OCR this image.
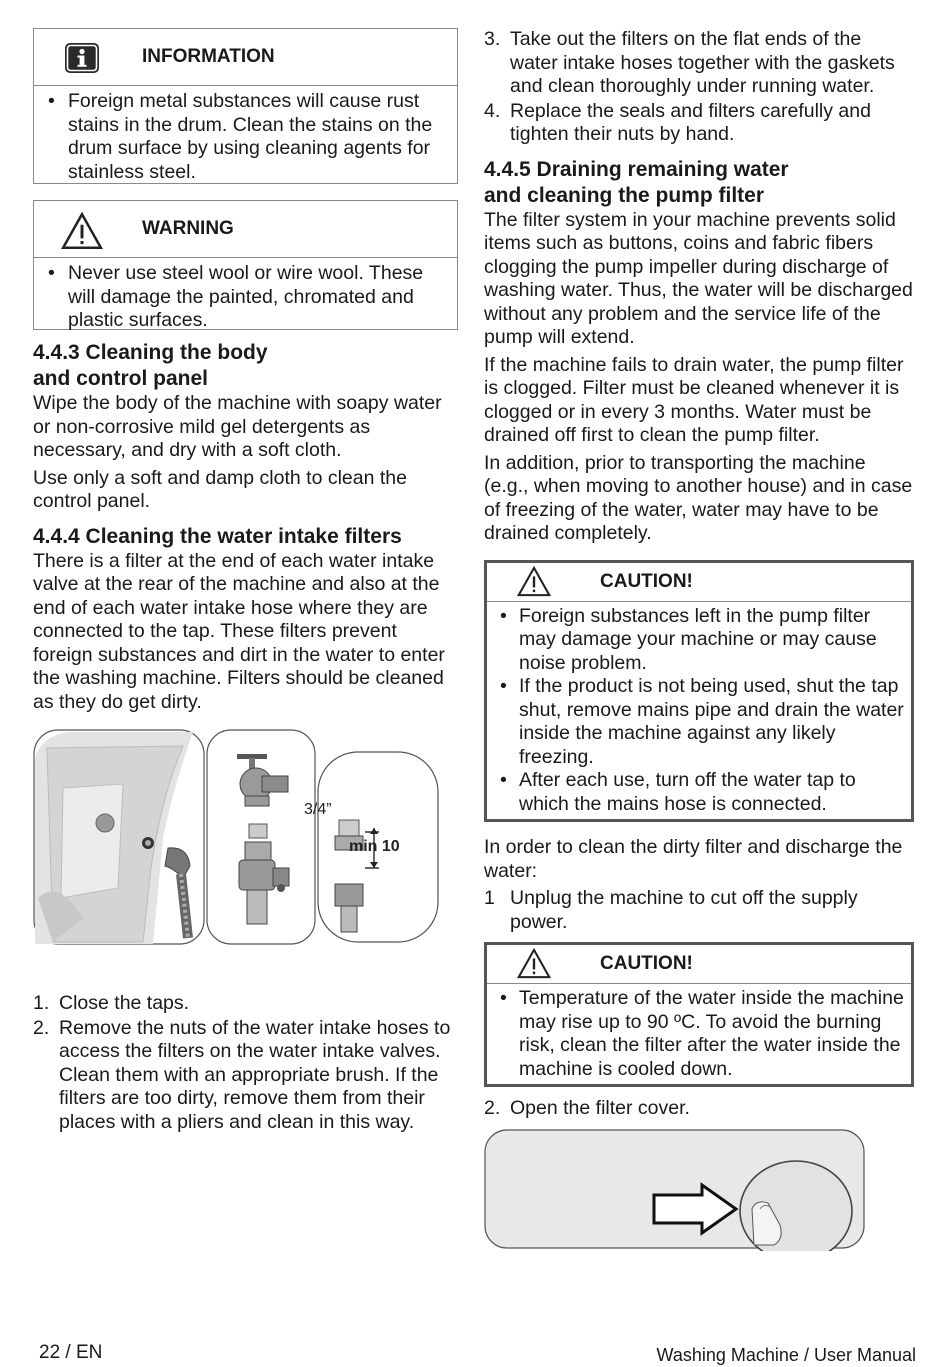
INFORMATION
• Foreign metal substances will cause rust stains in the drum. Clean the stains on the drum surface by using cleaning agents for stainless steel.
WARNING
• Never use steel wool or wire wool. These will damage the painted, chromated and plastic surfaces.
4.4.3 Cleaning the body
and control panel

Wipe the body of the machine with soapy water or non-corrosive mild gel detergents as necessary, and dry with a soft cloth.

Use only a soft and damp cloth to clean the control panel.

4.4.4 Cleaning the water intake filters

There is a filter at the end of each water intake valve at the rear of the machine and also at the end of each water intake hose where they are connected to the tap. These filters prevent foreign substances and dirt in the water to enter the washing machine. Filters should be cleaned as they do get dirty.

3/4”
min 10
1. Close the taps.
2. Remove the nuts of the water intake hoses to access the filters on the water intake valves. Clean them with an appropriate brush. If the filters are too dirty, remove them from their places with a pliers and clean in this way.
3. Take out the filters on the flat ends of the water intake hoses together with the gaskets and clean thoroughly under running water.
4. Replace the seals and filters carefully and tighten their nuts by hand.
4.4.5 Draining remaining water
and cleaning the pump filter

The filter system in your machine prevents solid items such as buttons, coins and fabric fibers clogging the pump impeller during discharge of washing water. Thus, the water will be discharged without any problem and the service life of the pump will extend.

If the machine fails to drain water, the pump filter is clogged. Filter must be cleaned whenever it is clogged or in every 3 months. Water must be drained off first to clean the pump filter.

In addition, prior to transporting the machine (e.g., when moving to another house) and in case of freezing of the water, water may have to be drained completely.

CAUTION!
• Foreign substances left in the pump filter may damage your machine or may cause noise problem.
• If the product is not being used, shut the tap shut, remove mains pipe and drain the water inside the machine against any likely freezing.
• After each use, turn off the water tap to which the mains hose is connected.

In order to clean the dirty filter and discharge the water:

1 Unplug the machine to cut off the supply power.
CAUTION!
• Temperature of the water inside the machine may rise up to 90 ºC. To avoid the burning risk, clean the filter after the water inside the machine is cooled down.
2. Open the filter cover.
22 / EN	Washing Machine / User Manual
